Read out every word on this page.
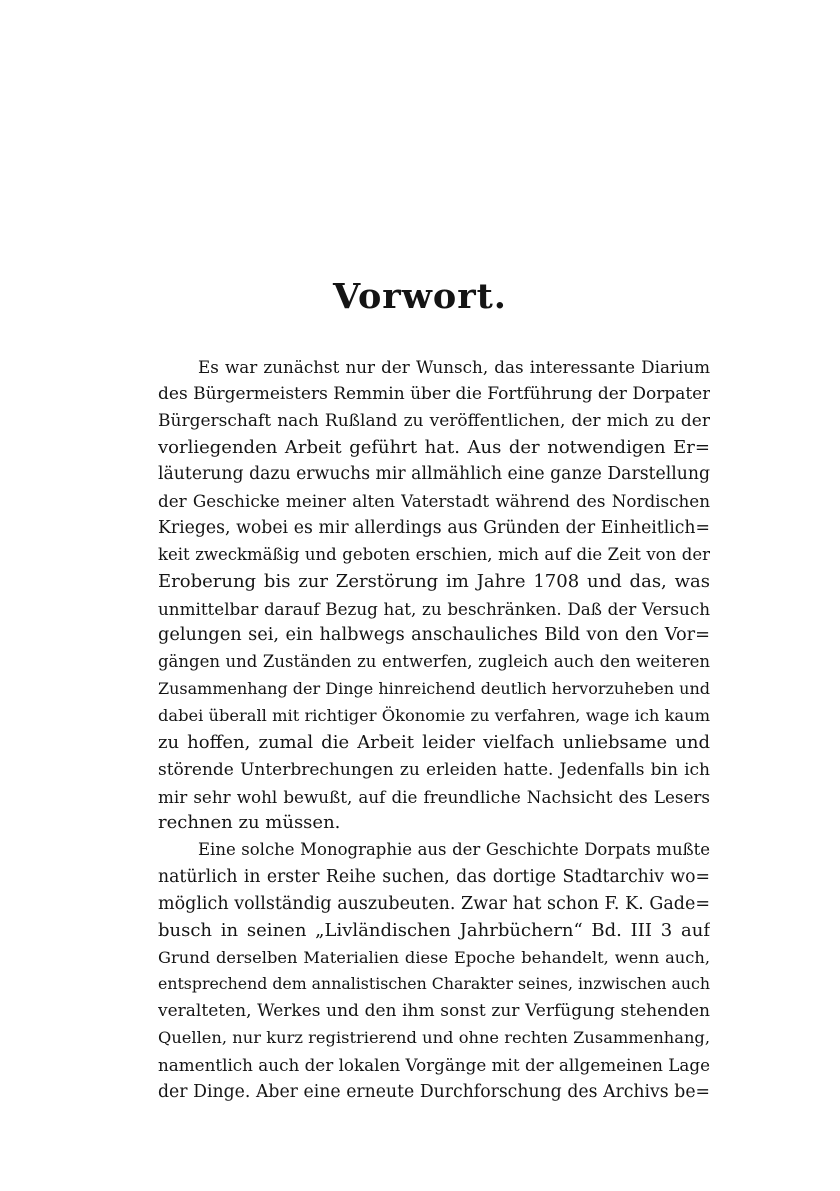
Vorwort.
Es war zunächst nur der Wunsch, das interessante Diarium
des Bürgermeisters Remmin über die Fortführung der Dorpater
Bürgerschaft nach Rußland zu veröffentlichen, der mich zu der
vorliegenden Arbeit geführt hat. Aus der notwendigen Er=
läuterung dazu erwuchs mir allmählich eine ganze Darstellung
der Geschicke meiner alten Vaterstadt während des Nordischen
Krieges, wobei es mir allerdings aus Gründen der Einheitlich=
keit zweckmäßig und geboten erschien, mich auf die Zeit von der
Eroberung bis zur Zerstörung im Jahre 1708 und das, was
unmittelbar darauf Bezug hat, zu beschränken. Daß der Versuch
gelungen sei, ein halbwegs anschauliches Bild von den Vor=
gängen und Zuständen zu entwerfen, zugleich auch den weiteren
Zusammenhang der Dinge hinreichend deutlich hervorzuheben und
dabei überall mit richtiger Ökonomie zu verfahren, wage ich kaum
zu hoffen, zumal die Arbeit leider vielfach unliebsame und
störende Unterbrechungen zu erleiden hatte. Jedenfalls bin ich
mir sehr wohl bewußt, auf die freundliche Nachsicht des Lesers
rechnen zu müssen.
Eine solche Monographie aus der Geschichte Dorpats mußte
natürlich in erster Reihe suchen, das dortige Stadtarchiv wo=
möglich vollständig auszubeuten. Zwar hat schon F. K. Gade=
busch in seinen „Livländischen Jahrbüchern“ Bd. III 3 auf
Grund derselben Materialien diese Epoche behandelt, wenn auch,
entsprechend dem annalistischen Charakter seines, inzwischen auch
veralteten, Werkes und den ihm sonst zur Verfügung stehenden
Quellen, nur kurz registrierend und ohne rechten Zusammenhang,
namentlich auch der lokalen Vorgänge mit der allgemeinen Lage
der Dinge. Aber eine erneute Durchforschung des Archivs be=
